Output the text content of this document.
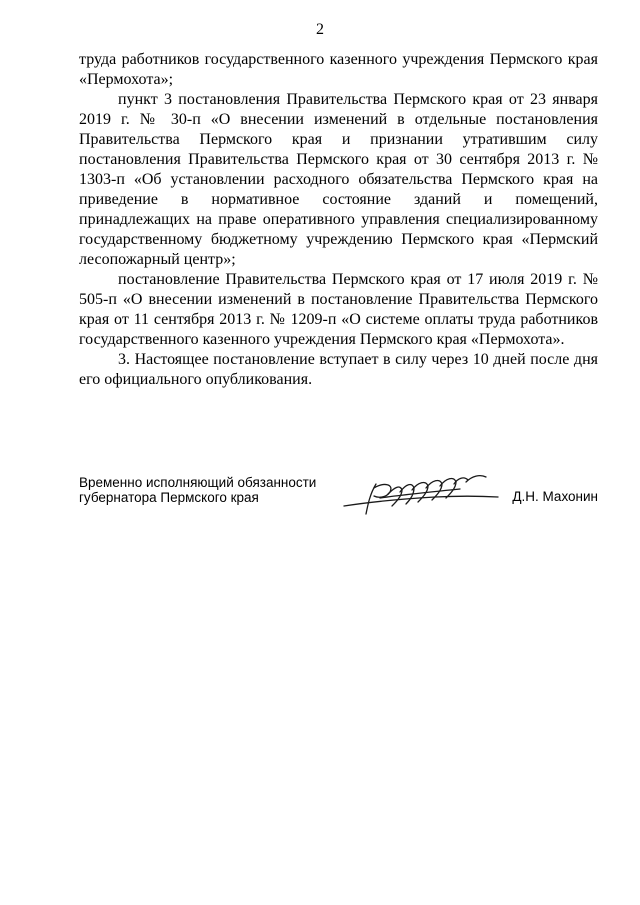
2

труда работников государственного казенного учреждения Пермского края «Пермохота»;

пункт 3 постановления Правительства Пермского края от 23 января 2019 г. № 30-п «О внесении изменений в отдельные постановления Правительства Пермского края и признании утратившим силу постановления Правительства Пермского края от 30 сентября 2013 г. № 1303-п «Об установлении расходного обязательства Пермского края на приведение в нормативное состояние зданий и помещений, принадлежащих на праве оперативного управления специализированному государственному бюджетному учреждению Пермского края «Пермский лесопожарный центр»;

постановление Правительства Пермского края от 17 июля 2019 г. № 505-п «О внесении изменений в постановление Правительства Пермского края от 11 сентября 2013 г. № 1209-п «О системе оплаты труда работников государственного казенного учреждения Пермского края «Пермохота».

3. Настоящее постановление вступает в силу через 10 дней после дня его официального опубликования.

Временно исполняющий обязанности
губернатора Пермского края	Д.Н. Махонин
